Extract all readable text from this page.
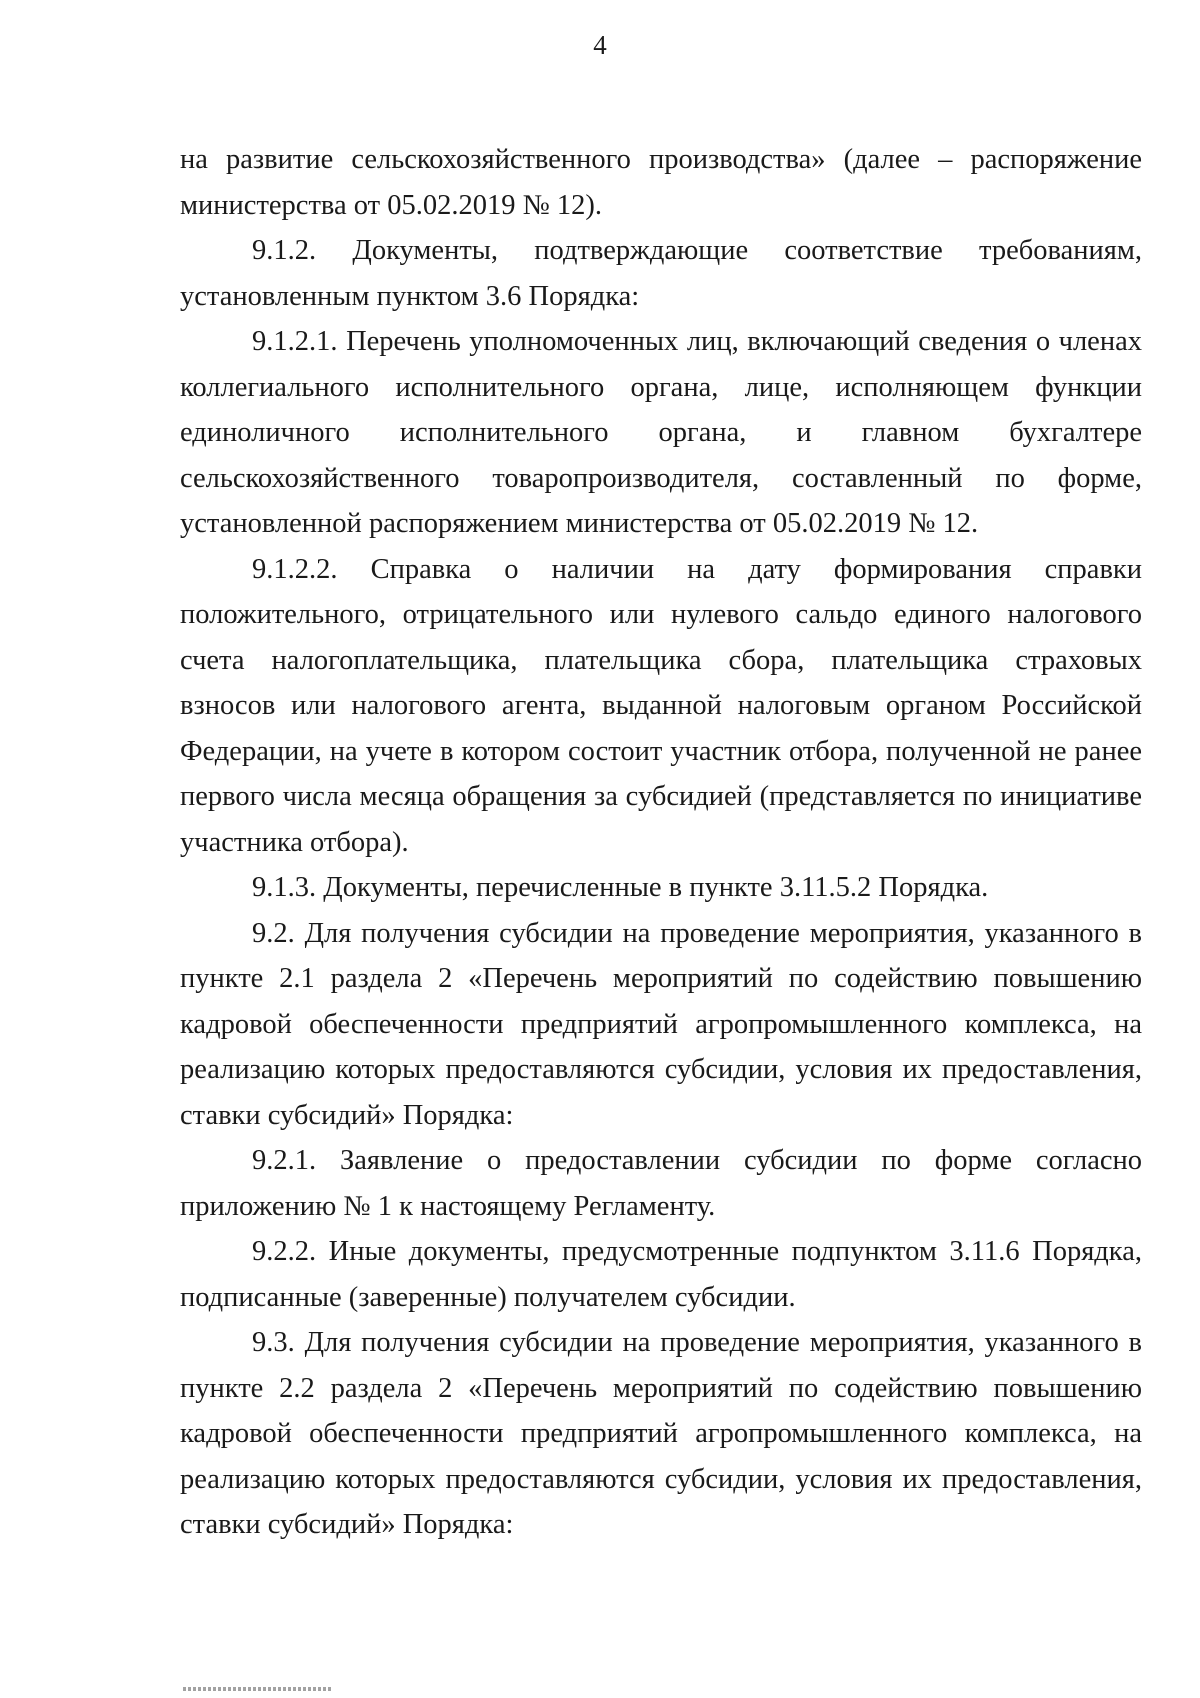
4

на развитие сельскохозяйственного производства» (далее – распоряжение министерства от 05.02.2019 № 12).

9.1.2. Документы, подтверждающие соответствие требованиям, установленным пунктом 3.6 Порядка:

9.1.2.1. Перечень уполномоченных лиц, включающий сведения о членах коллегиального исполнительного органа, лице, исполняющем функции единоличного исполнительного органа, и главном бухгалтере сельскохозяйственного товаропроизводителя, составленный по форме, установленной распоряжением министерства от 05.02.2019 № 12.

9.1.2.2. Справка о наличии на дату формирования справки положительного, отрицательного или нулевого сальдо единого налогового счета налогоплательщика, плательщика сбора, плательщика страховых взносов или налогового агента, выданной налоговым органом Российской Федерации, на учете в котором состоит участник отбора, полученной не ранее первого числа месяца обращения за субсидией (представляется по инициативе участника отбора).

9.1.3. Документы, перечисленные в пункте 3.11.5.2 Порядка.

9.2. Для получения субсидии на проведение мероприятия, указанного в пункте 2.1 раздела 2 «Перечень мероприятий по содействию повышению кадровой обеспеченности предприятий агропромышленного комплекса, на реализацию которых предоставляются субсидии, условия их предоставления, ставки субсидий» Порядка:

9.2.1. Заявление о предоставлении субсидии по форме согласно приложению № 1 к настоящему Регламенту.

9.2.2. Иные документы, предусмотренные подпунктом 3.11.6 Порядка, подписанные (заверенные) получателем субсидии.

9.3. Для получения субсидии на проведение мероприятия, указанного в пункте 2.2 раздела 2 «Перечень мероприятий по содействию повышению кадровой обеспеченности предприятий агропромышленного комплекса, на реализацию которых предоставляются субсидии, условия их предоставления, ставки субсидий» Порядка:
